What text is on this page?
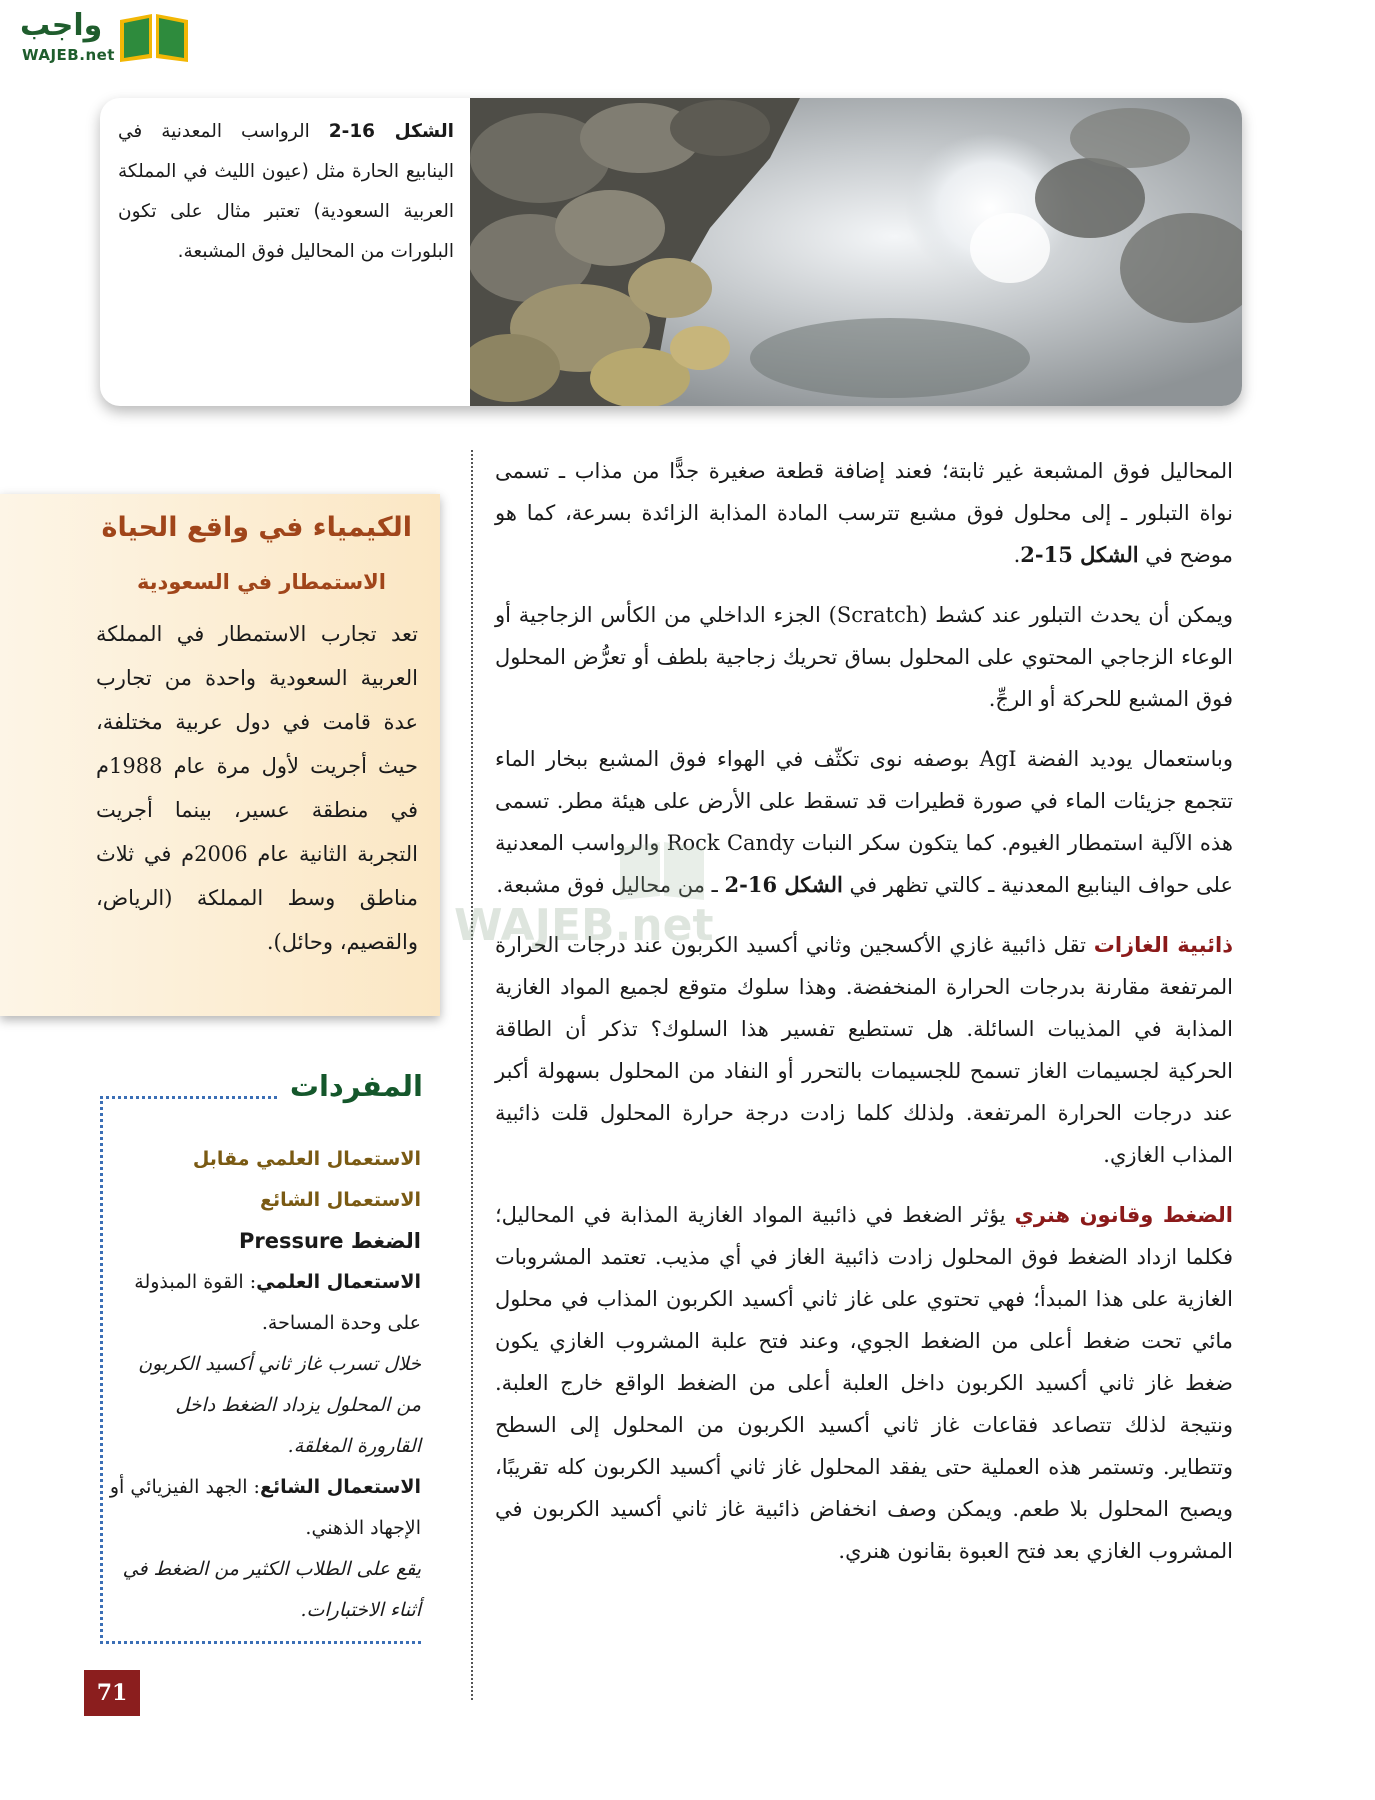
واجب
WAJEB.net
الشكل 16-2 الرواسب المعدنية في الينابيع الحارة مثل (عيون الليث في المملكة العربية السعودية) تعتبر مثال على تكون البلورات من المحاليل فوق المشبعة.

المحاليل فوق المشبعة غير ثابتة؛ فعند إضافة قطعة صغيرة جدًّا من مذاب ـ تسمى نواة التبلور ـ إلى محلول فوق مشبع تترسب المادة المذابة الزائدة بسرعة، كما هو موضح في الشكل 15-2.

ويمكن أن يحدث التبلور عند كشط (Scratch) الجزء الداخلي من الكأس الزجاجية أو الوعاء الزجاجي المحتوي على المحلول بساق تحريك زجاجية بلطف أو تعرُّض المحلول فوق المشبع للحركة أو الرجِّ.

وباستعمال يوديد الفضة AgI بوصفه نوى تكثّف في الهواء فوق المشبع ببخار الماء تتجمع جزيئات الماء في صورة قطيرات قد تسقط على الأرض على هيئة مطر. تسمى هذه الآلية استمطار الغيوم. كما يتكون سكر النبات Rock Candy والرواسب المعدنية على حواف الينابيع المعدنية ـ كالتي تظهر في الشكل 16-2 ـ من محاليل فوق مشبعة.

ذائبية الغازات تقل ذائبية غازي الأكسجين وثاني أكسيد الكربون عند درجات الحرارة المرتفعة مقارنة بدرجات الحرارة المنخفضة. وهذا سلوك متوقع لجميع المواد الغازية المذابة في المذيبات السائلة. هل تستطيع تفسير هذا السلوك؟ تذكر أن الطاقة الحركية لجسيمات الغاز تسمح للجسيمات بالتحرر أو النفاد من المحلول بسهولة أكبر عند درجات الحرارة المرتفعة. ولذلك كلما زادت درجة حرارة المحلول قلت ذائبية المذاب الغازي.

الضغط وقانون هنري يؤثر الضغط في ذائبية المواد الغازية المذابة في المحاليل؛ فكلما ازداد الضغط فوق المحلول زادت ذائبية الغاز في أي مذيب. تعتمد المشروبات الغازية على هذا المبدأ؛ فهي تحتوي على غاز ثاني أكسيد الكربون المذاب في محلول مائي تحت ضغط أعلى من الضغط الجوي، وعند فتح علبة المشروب الغازي يكون ضغط غاز ثاني أكسيد الكربون داخل العلبة أعلى من الضغط الواقع خارج العلبة. ونتيجة لذلك تتصاعد فقاعات غاز ثاني أكسيد الكربون من المحلول إلى السطح وتتطاير. وتستمر هذه العملية حتى يفقد المحلول غاز ثاني أكسيد الكربون كله تقريبًا، ويصبح المحلول بلا طعم. ويمكن وصف انخفاض ذائبية غاز ثاني أكسيد الكربون في المشروب الغازي بعد فتح العبوة بقانون هنري.

WAJEB.net
الكيمياء في واقع الحياة
الاستمطار في السعودية
تعد تجارب الاستمطار في المملكة العربية السعودية واحدة من تجارب عدة قامت في دول عربية مختلفة، حيث أجريت لأول مرة عام 1988م في منطقة عسير، بينما أجريت التجربة الثانية عام 2006م في ثلاث مناطق وسط المملكة (الرياض، والقصيم، وحائل).
المفردات
الاستعمال العلمي مقابل
الاستعمال الشائع
الضغط Pressure
الاستعمال العلمي: القوة المبذولة على وحدة المساحة.
خلال تسرب غاز ثاني أكسيد الكربون من المحلول يزداد الضغط داخل القارورة المغلقة.
الاستعمال الشائع: الجهد الفيزيائي أو الإجهاد الذهني.
يقع على الطلاب الكثير من الضغط في أثناء الاختبارات.
71
